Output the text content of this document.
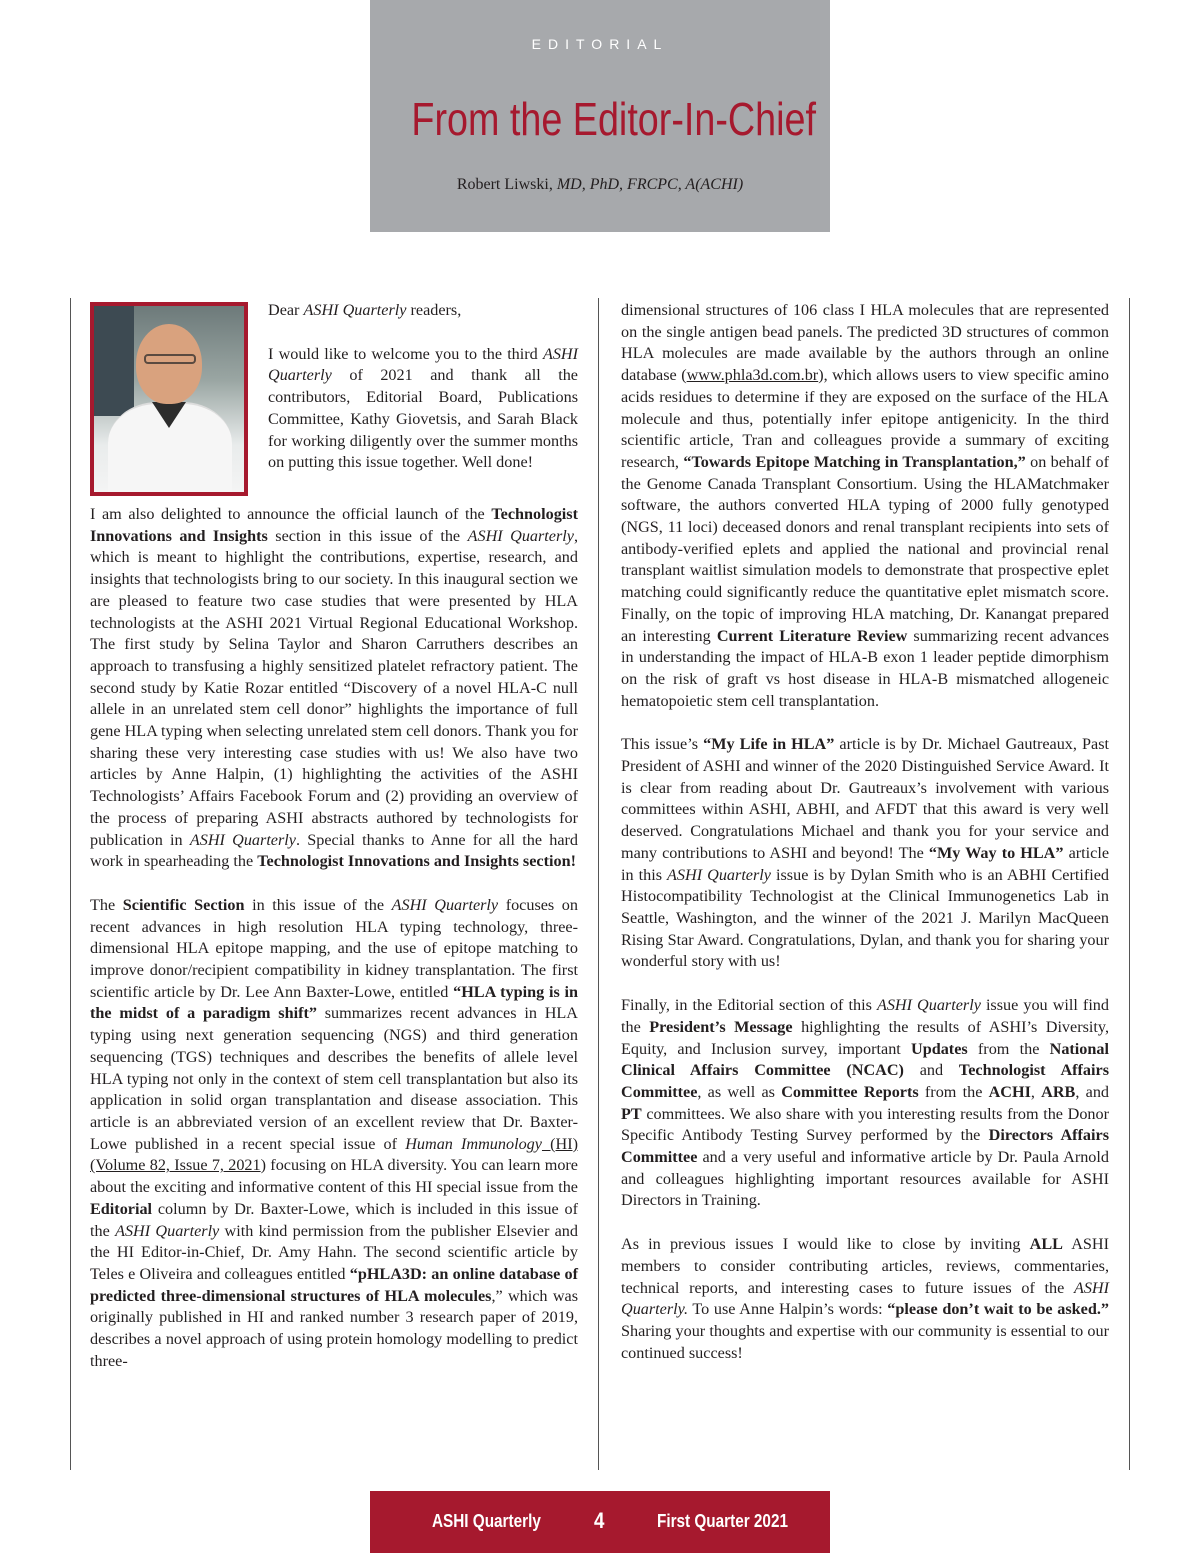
EDITORIAL
From the Editor-In-Chief
Robert Liwski, MD, PhD, FRCPC, A(ACHI)

Dear ASHI Quarterly readers,

I would like to welcome you to the third ASHI Quarterly of 2021 and thank all the contributors, Editorial Board, Publications Committee, Kathy Giovetsis, and Sarah Black for working diligently over the summer months on putting this issue together. Well done!

I am also delighted to announce the official launch of the Technologist Innovations and Insights section in this issue of the ASHI Quarterly, which is meant to highlight the contributions, expertise, research, and insights that technologists bring to our society. In this inaugural section we are pleased to feature two case studies that were presented by HLA technologists at the ASHI 2021 Virtual Regional Educational Workshop. The first study by Selina Taylor and Sharon Carruthers describes an approach to transfusing a highly sensitized platelet refractory patient. The second study by Katie Rozar entitled “Discovery of a novel HLA-C null allele in an unrelated stem cell donor” highlights the importance of full gene HLA typing when selecting unrelated stem cell donors. Thank you for sharing these very interesting case studies with us! We also have two articles by Anne Halpin, (1) highlighting the activities of the ASHI Technologists’ Affairs Facebook Forum and (2) providing an overview of the process of preparing ASHI abstracts authored by technologists for publication in ASHI Quarterly. Special thanks to Anne for all the hard work in spearheading the Technologist Innovations and Insights section!

The Scientific Section in this issue of the ASHI Quarterly focuses on recent advances in high resolution HLA typing technology, three-dimensional HLA epitope mapping, and the use of epitope matching to improve donor/recipient compatibility in kidney transplantation. The first scientific article by Dr. Lee Ann Baxter-Lowe, entitled “HLA typing is in the midst of a paradigm shift” summarizes recent advances in HLA typing using next generation sequencing (NGS) and third generation sequencing (TGS) techniques and describes the benefits of allele level HLA typing not only in the context of stem cell transplantation but also its application in solid organ transplantation and disease association. This article is an abbreviated version of an excellent review that Dr. Baxter-Lowe published in a recent special issue of Human Immunology (HI) (Volume 82, Issue 7, 2021) focusing on HLA diversity. You can learn more about the exciting and informative content of this HI special issue from the Editorial column by Dr. Baxter-Lowe, which is included in this issue of the ASHI Quarterly with kind permission from the publisher Elsevier and the HI Editor-in-Chief, Dr. Amy Hahn. The second scientific article by Teles e Oliveira and colleagues entitled “pHLA3D: an online database of predicted three-dimensional structures of HLA molecules,” which was originally published in HI and ranked number 3 research paper of 2019, describes a novel approach of using protein homology modelling to predict three-

dimensional structures of 106 class I HLA molecules that are represented on the single antigen bead panels. The predicted 3D structures of common HLA molecules are made available by the authors through an online database (www.phla3d.com.br), which allows users to view specific amino acids residues to determine if they are exposed on the surface of the HLA molecule and thus, potentially infer epitope antigenicity. In the third scientific article, Tran and colleagues provide a summary of exciting research, “Towards Epitope Matching in Transplantation,” on behalf of the Genome Canada Transplant Consortium. Using the HLAMatchmaker software, the authors converted HLA typing of 2000 fully genotyped (NGS, 11 loci) deceased donors and renal transplant recipients into sets of antibody-verified eplets and applied the national and provincial renal transplant waitlist simulation models to demonstrate that prospective eplet matching could significantly reduce the quantitative eplet mismatch score. Finally, on the topic of improving HLA matching, Dr. Kanangat prepared an interesting Current Literature Review summarizing recent advances in understanding the impact of HLA-B exon 1 leader peptide dimorphism on the risk of graft vs host disease in HLA-B mismatched allogeneic hematopoietic stem cell transplantation.

This issue’s “My Life in HLA” article is by Dr. Michael Gautreaux, Past President of ASHI and winner of the 2020 Distinguished Service Award. It is clear from reading about Dr. Gautreaux’s involvement with various committees within ASHI, ABHI, and AFDT that this award is very well deserved. Congratulations Michael and thank you for your service and many contributions to ASHI and beyond! The “My Way to HLA” article in this ASHI Quarterly issue is by Dylan Smith who is an ABHI Certified Histocompatibility Technologist at the Clinical Immunogenetics Lab in Seattle, Washington, and the winner of the 2021 J. Marilyn MacQueen Rising Star Award. Congratulations, Dylan, and thank you for sharing your wonderful story with us!

Finally, in the Editorial section of this ASHI Quarterly issue you will find the President’s Message highlighting the results of ASHI’s Diversity, Equity, and Inclusion survey, important Updates from the National Clinical Affairs Committee (NCAC) and Technologist Affairs Committee, as well as Committee Reports from the ACHI, ARB, and PT committees. We also share with you interesting results from the Donor Specific Antibody Testing Survey performed by the Directors Affairs Committee and a very useful and informative article by Dr. Paula Arnold and colleagues highlighting important resources available for ASHI Directors in Training.

As in previous issues I would like to close by inviting ALL ASHI members to consider contributing articles, reviews, commentaries, technical reports, and interesting cases to future issues of the ASHI Quarterly. To use Anne Halpin’s words: “please don’t wait to be asked.” Sharing your thoughts and expertise with our community is essential to our continued success!

ASHI Quarterly 4	First Quarter 2021
